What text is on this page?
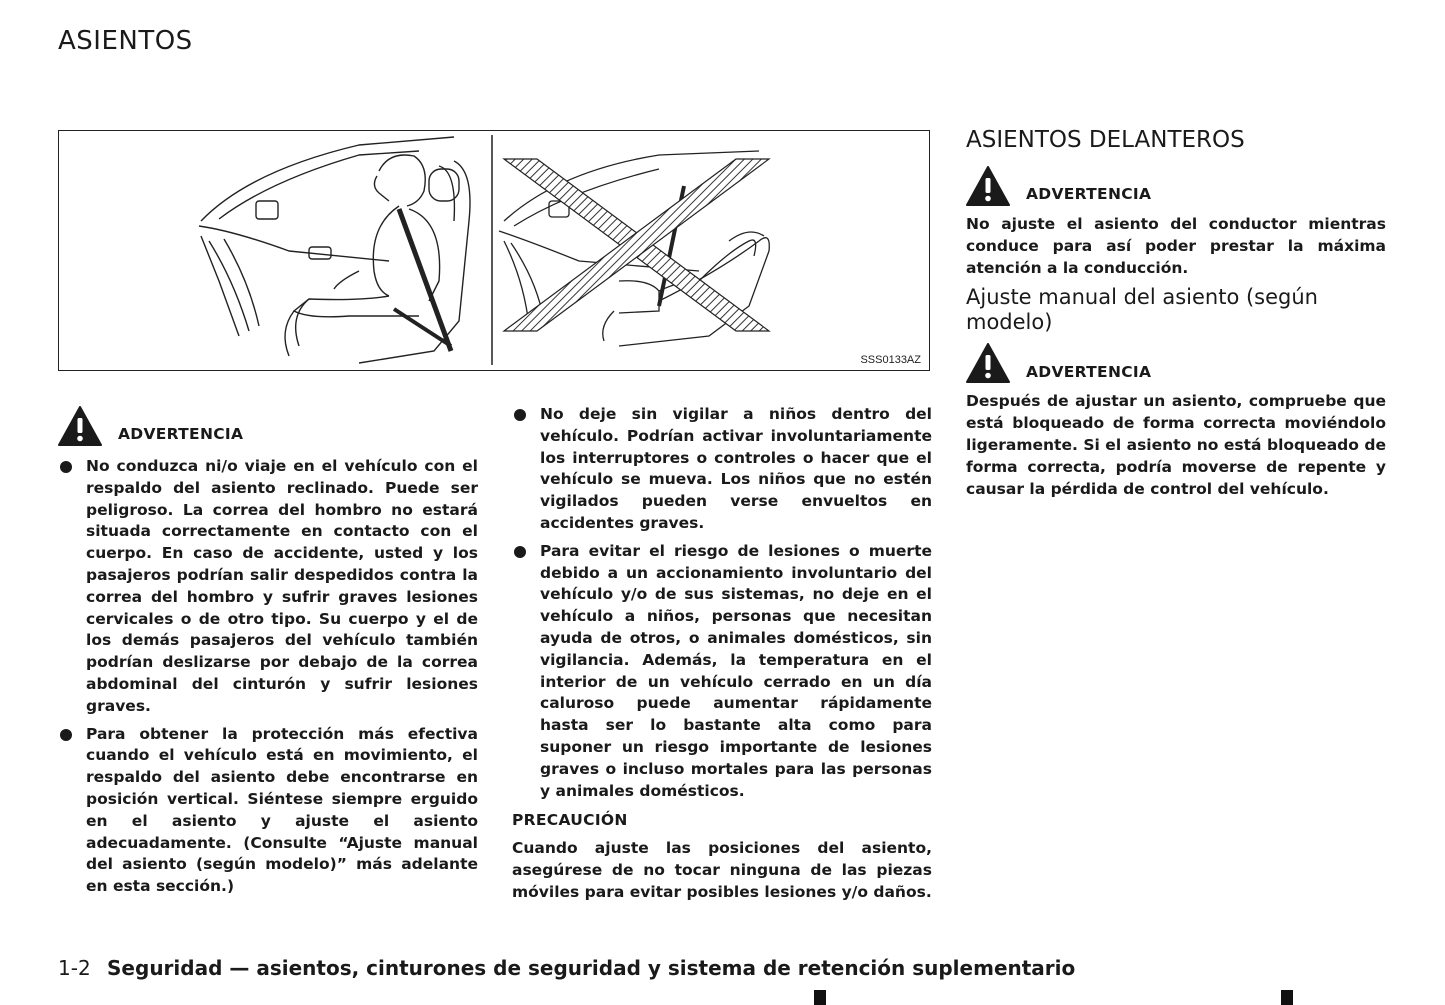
ASIENTOS
SSS0133AZ
ADVERTENCIA
No conduzca ni/o viaje en el vehículo con el respaldo del asiento reclinado. Puede ser peligroso. La correa del hombro no estará situada correctamente en contacto con el cuerpo. En caso de accidente, usted y los pasajeros podrían salir despedidos contra la correa del hombro y sufrir graves lesiones cervicales o de otro tipo. Su cuerpo y el de los demás pasajeros del vehículo también podrían deslizarse por debajo de la correa abdominal del cinturón y sufrir lesiones graves.
Para obtener la protección más efectiva cuando el vehículo está en movimiento, el respaldo del asiento debe encontrarse en posición vertical. Siéntese siempre erguido en el asiento y ajuste el asiento adecuadamente. (Consulte “Ajuste manual del asiento (según modelo)” más adelante en esta sección.)
No deje sin vigilar a niños dentro del vehículo. Podrían activar involuntariamente los interruptores o controles o hacer que el vehículo se mueva. Los niños que no estén vigilados pueden verse envueltos en accidentes graves.
Para evitar el riesgo de lesiones o muerte debido a un accionamiento involuntario del vehículo y/o de sus sistemas, no deje en el vehículo a niños, personas que necesitan ayuda de otros, o animales domésticos, sin vigilancia. Además, la temperatura en el interior de un vehículo cerrado en un día caluroso puede aumentar rápidamente hasta ser lo bastante alta como para suponer un riesgo importante de lesiones graves o incluso mortales para las personas y animales domésticos.
PRECAUCIÓN

Cuando ajuste las posiciones del asiento, asegúrese de no tocar ninguna de las piezas móviles para evitar posibles lesiones y/o daños.

ASIENTOS DELANTEROS
ADVERTENCIA

No ajuste el asiento del conductor mientras conduce para así poder prestar la máxima atención a la conducción.

Ajuste manual del asiento (según modelo)
ADVERTENCIA

Después de ajustar un asiento, compruebe que está bloqueado de forma correcta moviéndolo ligeramente. Si el asiento no está bloqueado de forma correcta, podría moverse de repente y causar la pérdida de control del vehículo.

1-2 Seguridad — asientos, cinturones de seguridad y sistema de retención suplementario
